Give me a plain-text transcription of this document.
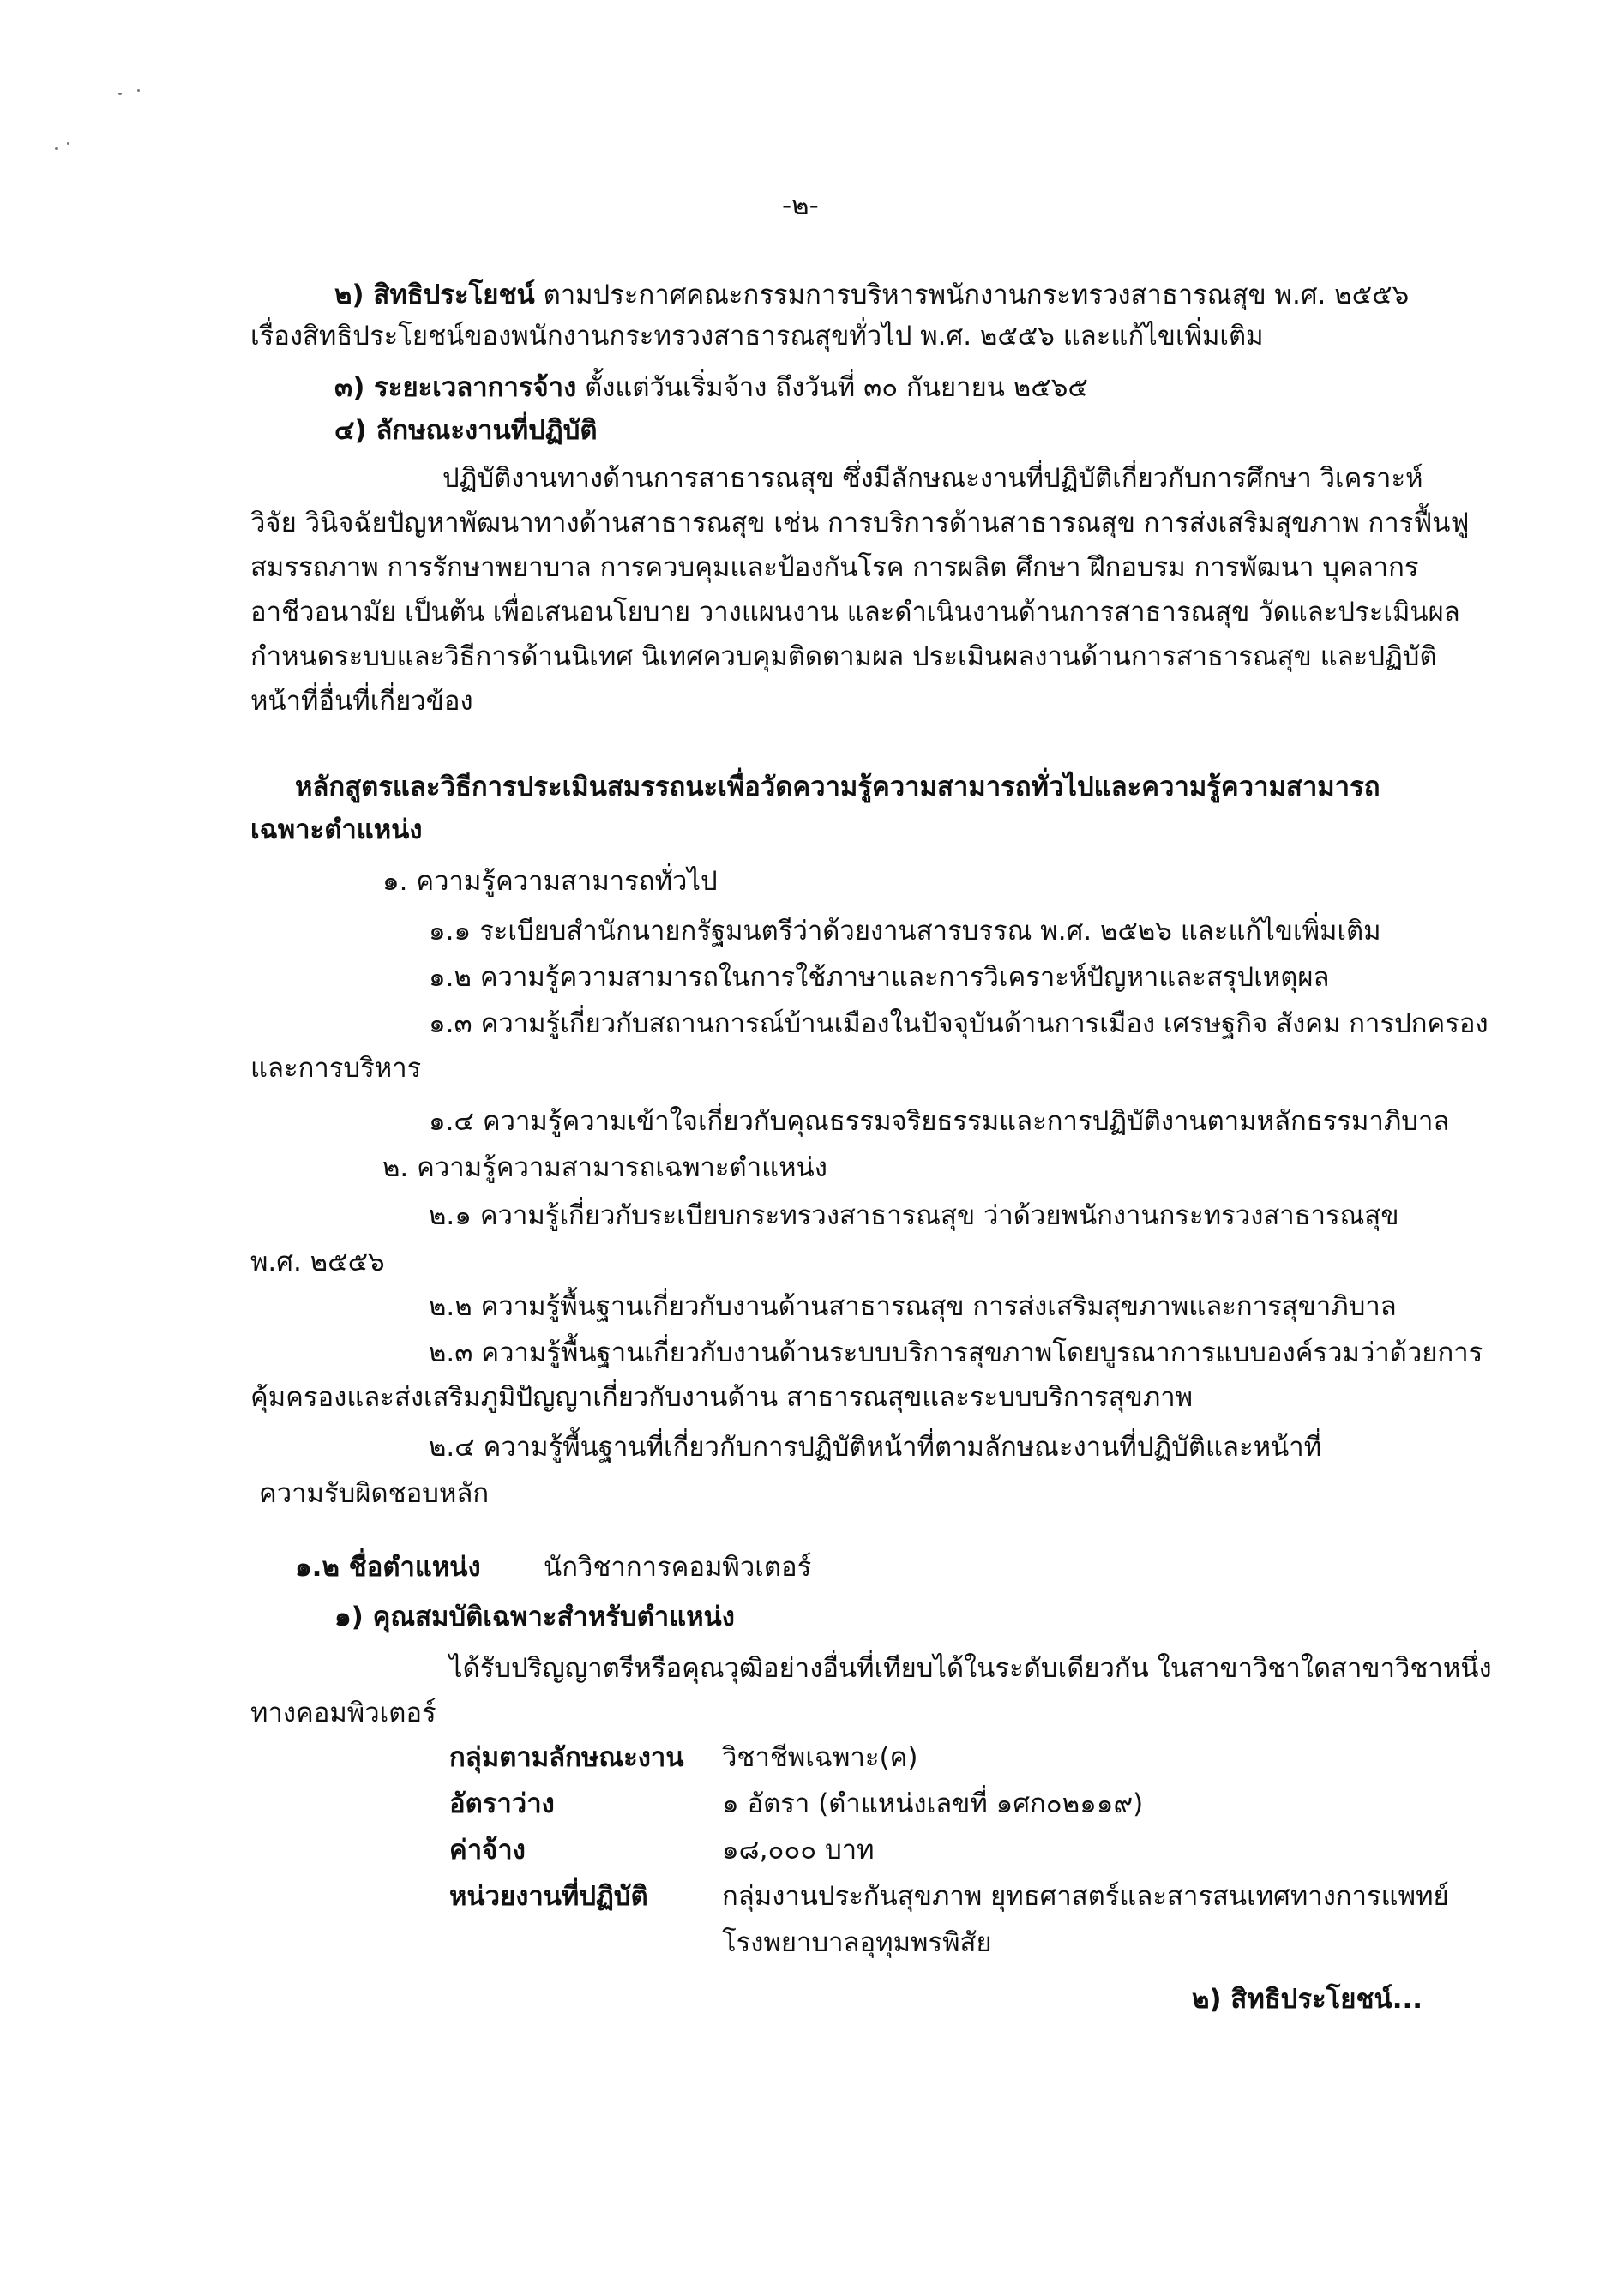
-๒-
๒) สิทธิประโยชน์ ตามประกาศคณะกรรมการบริหารพนักงานกระทรวงสาธารณสุข พ.ศ. ๒๕๕๖
เรื่องสิทธิประโยชน์ของพนักงานกระทรวงสาธารณสุขทั่วไป พ.ศ. ๒๕๕๖ และแก้ไขเพิ่มเติม
๓) ระยะเวลาการจ้าง ตั้งแต่วันเริ่มจ้าง ถึงวันที่ ๓๐ กันยายน ๒๕๖๕
๔) ลักษณะงานที่ปฏิบัติ
ปฏิบัติงานทางด้านการสาธารณสุข ซึ่งมีลักษณะงานที่ปฏิบัติเกี่ยวกับการศึกษา วิเคราะห์
วิจัย วินิจฉัยปัญหาพัฒนาทางด้านสาธารณสุข เช่น การบริการด้านสาธารณสุข การส่งเสริมสุขภาพ การฟื้นฟู
สมรรถภาพ การรักษาพยาบาล การควบคุมและป้องกันโรค การผลิต ศึกษา ฝึกอบรม การพัฒนา บุคลากร
อาชีวอนามัย เป็นต้น เพื่อเสนอนโยบาย วางแผนงาน และดำเนินงานด้านการสาธารณสุข วัดและประเมินผล
กำหนดระบบและวิธีการด้านนิเทศ นิเทศควบคุมติดตามผล ประเมินผลงานด้านการสาธารณสุข และปฏิบัติ
หน้าที่อื่นที่เกี่ยวข้อง
หลักสูตรและวิธีการประเมินสมรรถนะเพื่อวัดความรู้ความสามารถทั่วไปและความรู้ความสามารถ
เฉพาะตำแหน่ง
๑. ความรู้ความสามารถทั่วไป
๑.๑ ระเบียบสำนักนายกรัฐมนตรีว่าด้วยงานสารบรรณ พ.ศ. ๒๕๒๖ และแก้ไขเพิ่มเติม
๑.๒ ความรู้ความสามารถในการใช้ภาษาและการวิเคราะห์ปัญหาและสรุปเหตุผล
๑.๓ ความรู้เกี่ยวกับสถานการณ์บ้านเมืองในปัจจุบันด้านการเมือง เศรษฐกิจ สังคม การปกครอง
และการบริหาร
๑.๔ ความรู้ความเข้าใจเกี่ยวกับคุณธรรมจริยธรรมและการปฏิบัติงานตามหลักธรรมาภิบาล
๒. ความรู้ความสามารถเฉพาะตำแหน่ง
๒.๑ ความรู้เกี่ยวกับระเบียบกระทรวงสาธารณสุข ว่าด้วยพนักงานกระทรวงสาธารณสุข
พ.ศ. ๒๕๕๖
๒.๒ ความรู้พื้นฐานเกี่ยวกับงานด้านสาธารณสุข การส่งเสริมสุขภาพและการสุขาภิบาล
๒.๓ ความรู้พื้นฐานเกี่ยวกับงานด้านระบบบริการสุขภาพโดยบูรณาการแบบองค์รวมว่าด้วยการ
คุ้มครองและส่งเสริมภูมิปัญญาเกี่ยวกับงานด้าน สาธารณสุขและระบบบริการสุขภาพ
๒.๔ ความรู้พื้นฐานที่เกี่ยวกับการปฏิบัติหน้าที่ตามลักษณะงานที่ปฏิบัติและหน้าที่
ความรับผิดชอบหลัก
๑.๒ ชื่อตำแหน่ง นักวิชาการคอมพิวเตอร์
๑) คุณสมบัติเฉพาะสำหรับตำแหน่ง
ได้รับปริญญาตรีหรือคุณวุฒิอย่างอื่นที่เทียบได้ในระดับเดียวกัน ในสาขาวิชาใดสาขาวิชาหนึ่ง
ทางคอมพิวเตอร์
กลุ่มตามลักษณะงาน วิชาชีพเฉพาะ(ค)
อัตราว่าง	๑ อัตรา (ตำแหน่งเลขที่ ๑ศก๐๒๑๑๙)
ค่าจ้าง	๑๘,๐๐๐ บาท
หน่วยงานที่ปฏิบัติ	กลุ่มงานประกันสุขภาพ ยุทธศาสตร์และสารสนเทศทางการแพทย์
โรงพยาบาลอุทุมพรพิสัย
๒) สิทธิประโยชน์...
